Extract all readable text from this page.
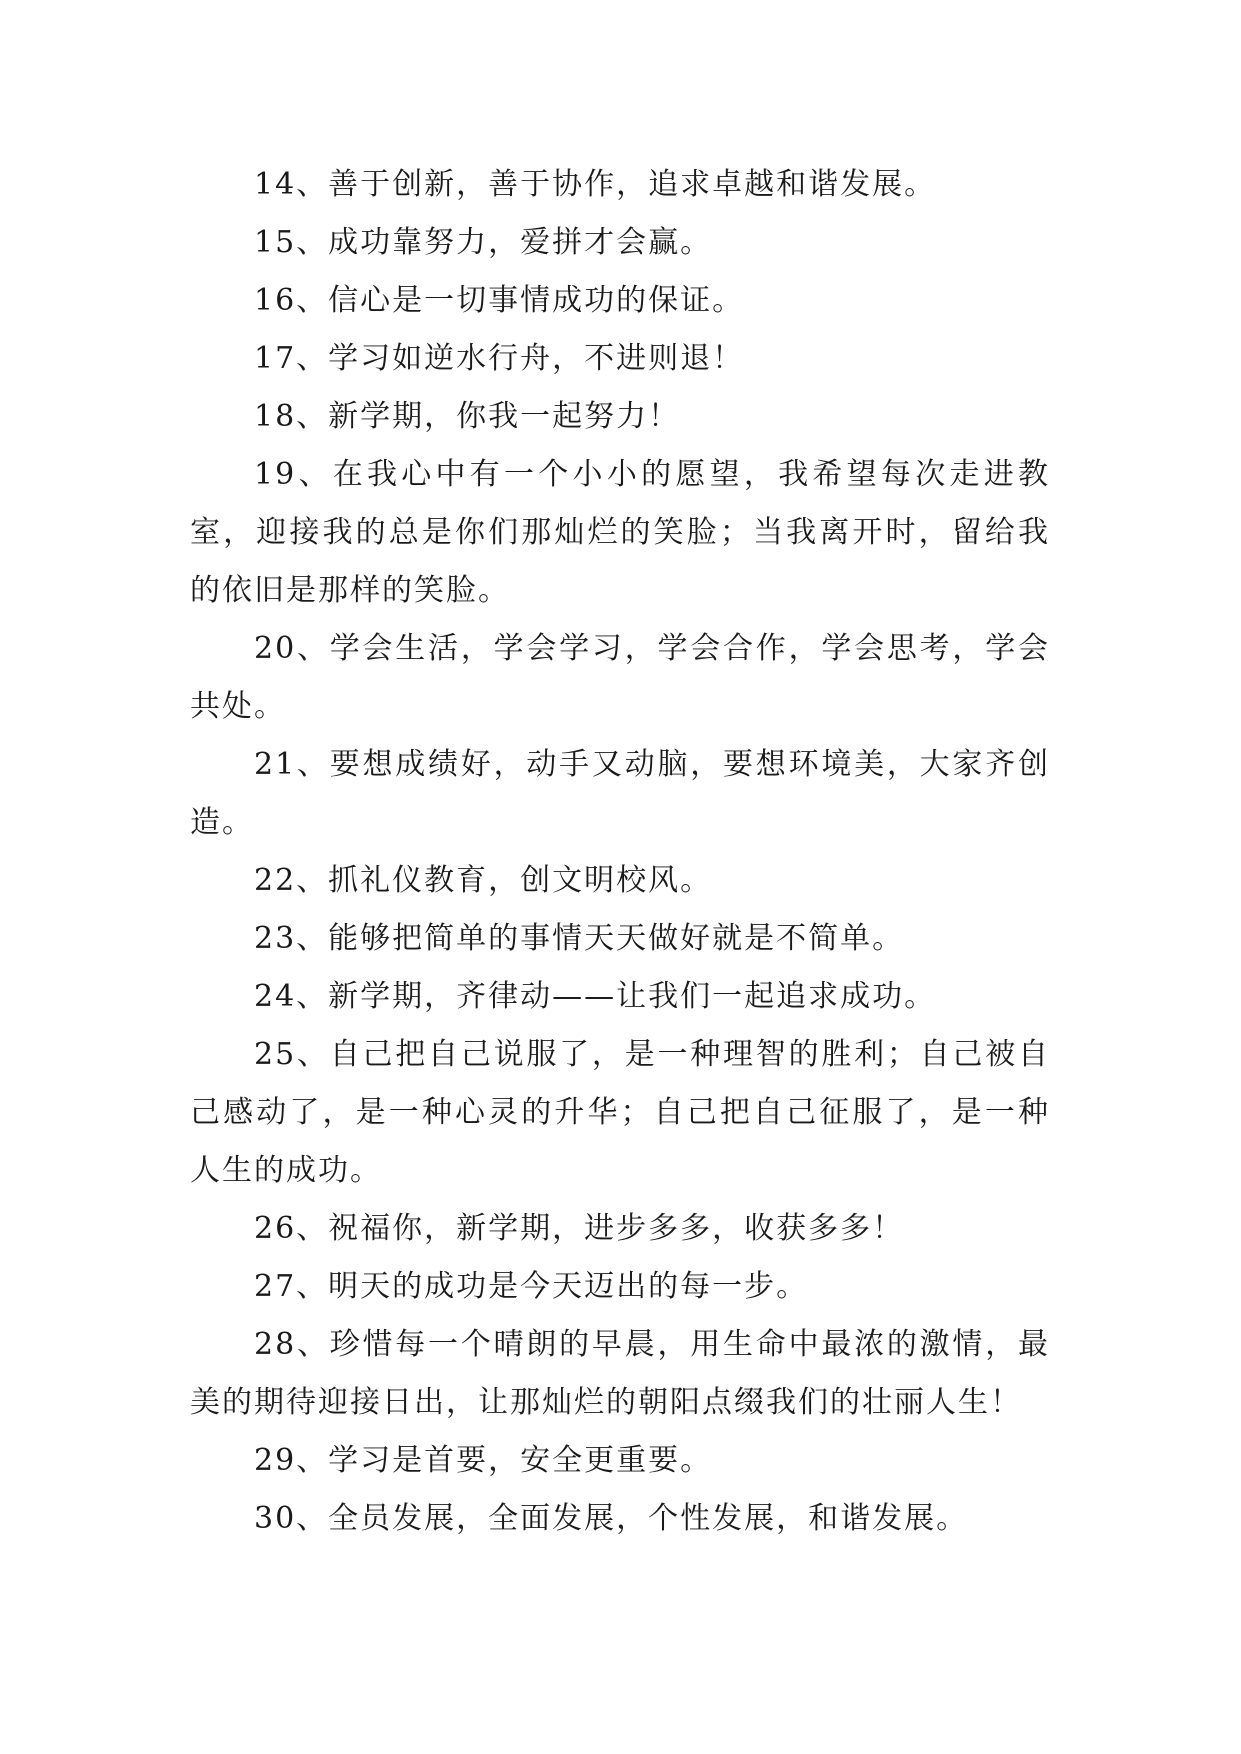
14、善于创新，善于协作，追求卓越和谐发展。

15、成功靠努力，爱拼才会赢。

16、信心是一切事情成功的保证。

17、学习如逆水行舟，不进则退！

18、新学期，你我一起努力！

19、在我心中有一个小小的愿望，我希望每次走进教室，迎接我的总是你们那灿烂的笑脸；当我离开时，留给我的依旧是那样的笑脸。

20、学会生活，学会学习，学会合作，学会思考，学会共处。

21、要想成绩好，动手又动脑，要想环境美，大家齐创造。

22、抓礼仪教育，创文明校风。

23、能够把简单的事情天天做好就是不简单。

24、新学期，齐律动——让我们一起追求成功。

25、自己把自己说服了，是一种理智的胜利；自己被自己感动了，是一种心灵的升华；自己把自己征服了，是一种人生的成功。

26、祝福你，新学期，进步多多，收获多多！

27、明天的成功是今天迈出的每一步。

28、珍惜每一个晴朗的早晨，用生命中最浓的激情，最美的期待迎接日出，让那灿烂的朝阳点缀我们的壮丽人生！

29、学习是首要，安全更重要。

30、全员发展，全面发展，个性发展，和谐发展。
